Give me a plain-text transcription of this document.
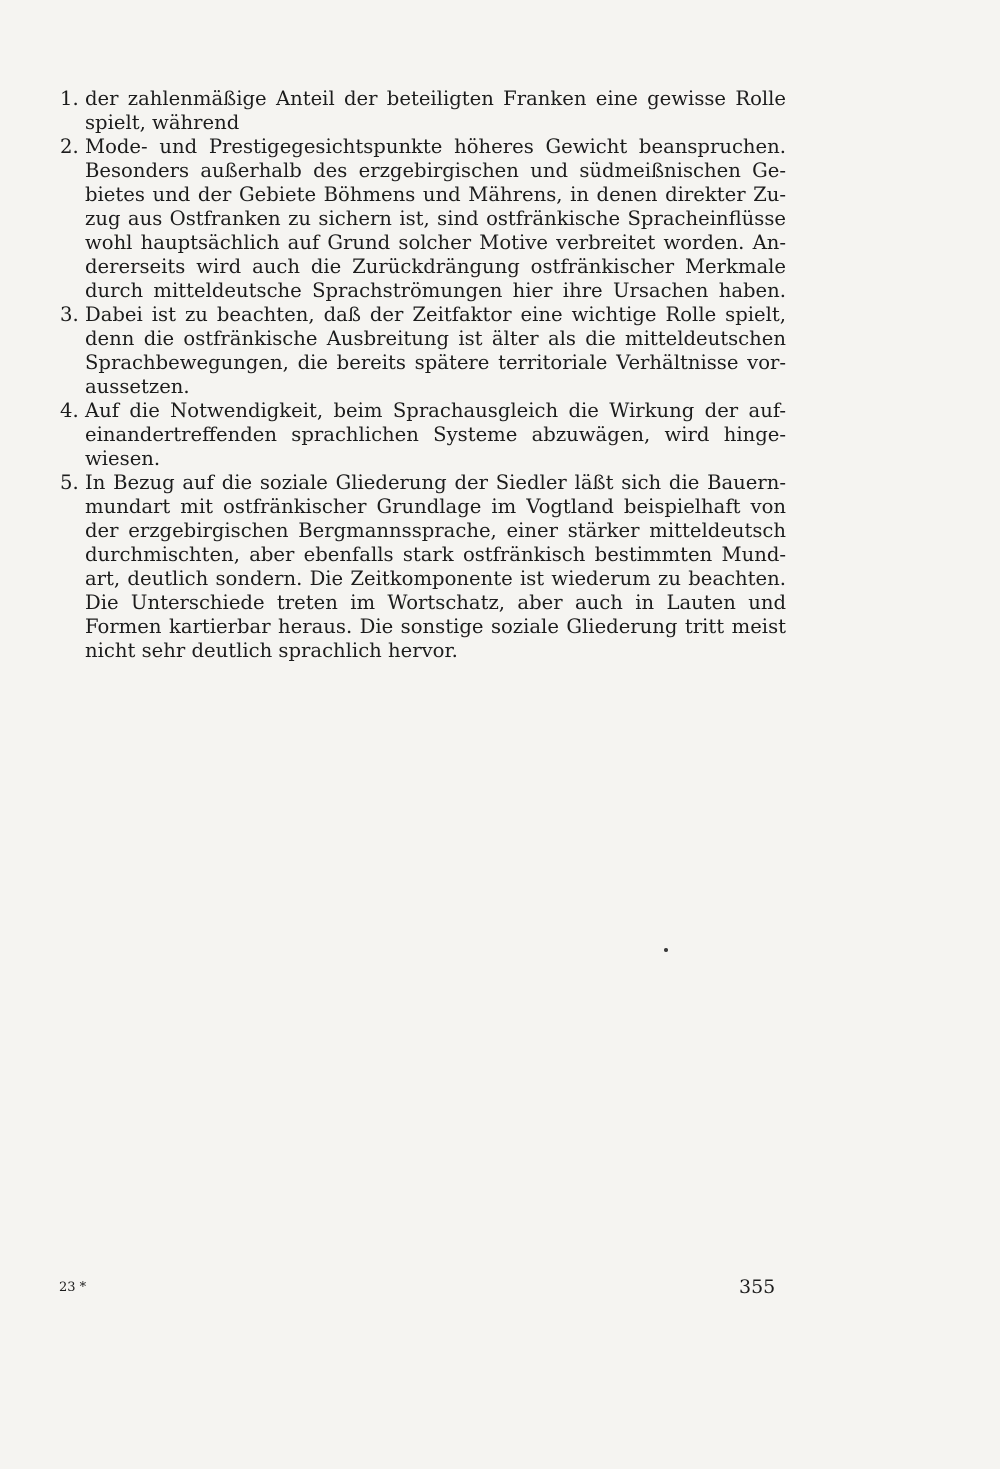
1. der zahlenmäßige Anteil der beteiligten Franken eine gewisse Rolle
spielt, während
2. Mode- und Prestigegesichtspunkte höheres Gewicht beanspruchen.
Besonders außerhalb des erzgebirgischen und südmeißnischen Ge-
bietes und der Gebiete Böhmens und Mährens, in denen direkter Zu-
zug aus Ostfranken zu sichern ist, sind ostfränkische Spracheinflüsse
wohl hauptsächlich auf Grund solcher Motive verbreitet worden. An-
dererseits wird auch die Zurückdrängung ostfränkischer Merkmale
durch mitteldeutsche Sprachströmungen hier ihre Ursachen haben.
3. Dabei ist zu beachten, daß der Zeitfaktor eine wichtige Rolle spielt,
denn die ostfränkische Ausbreitung ist älter als die mitteldeutschen
Sprachbewegungen, die bereits spätere territoriale Verhältnisse vor-
aussetzen.
4. Auf die Notwendigkeit, beim Sprachausgleich die Wirkung der auf-
einandertreffenden sprachlichen Systeme abzuwägen, wird hinge-
wiesen.
5. In Bezug auf die soziale Gliederung der Siedler läßt sich die Bauern-
mundart mit ostfränkischer Grundlage im Vogtland beispielhaft von
der erzgebirgischen Bergmannssprache, einer stärker mitteldeutsch
durchmischten, aber ebenfalls stark ostfränkisch bestimmten Mund-
art, deutlich sondern. Die Zeitkomponente ist wiederum zu beachten.
Die Unterschiede treten im Wortschatz, aber auch in Lauten und
Formen kartierbar heraus. Die sonstige soziale Gliederung tritt meist
nicht sehr deutlich sprachlich hervor.
23 *	355
